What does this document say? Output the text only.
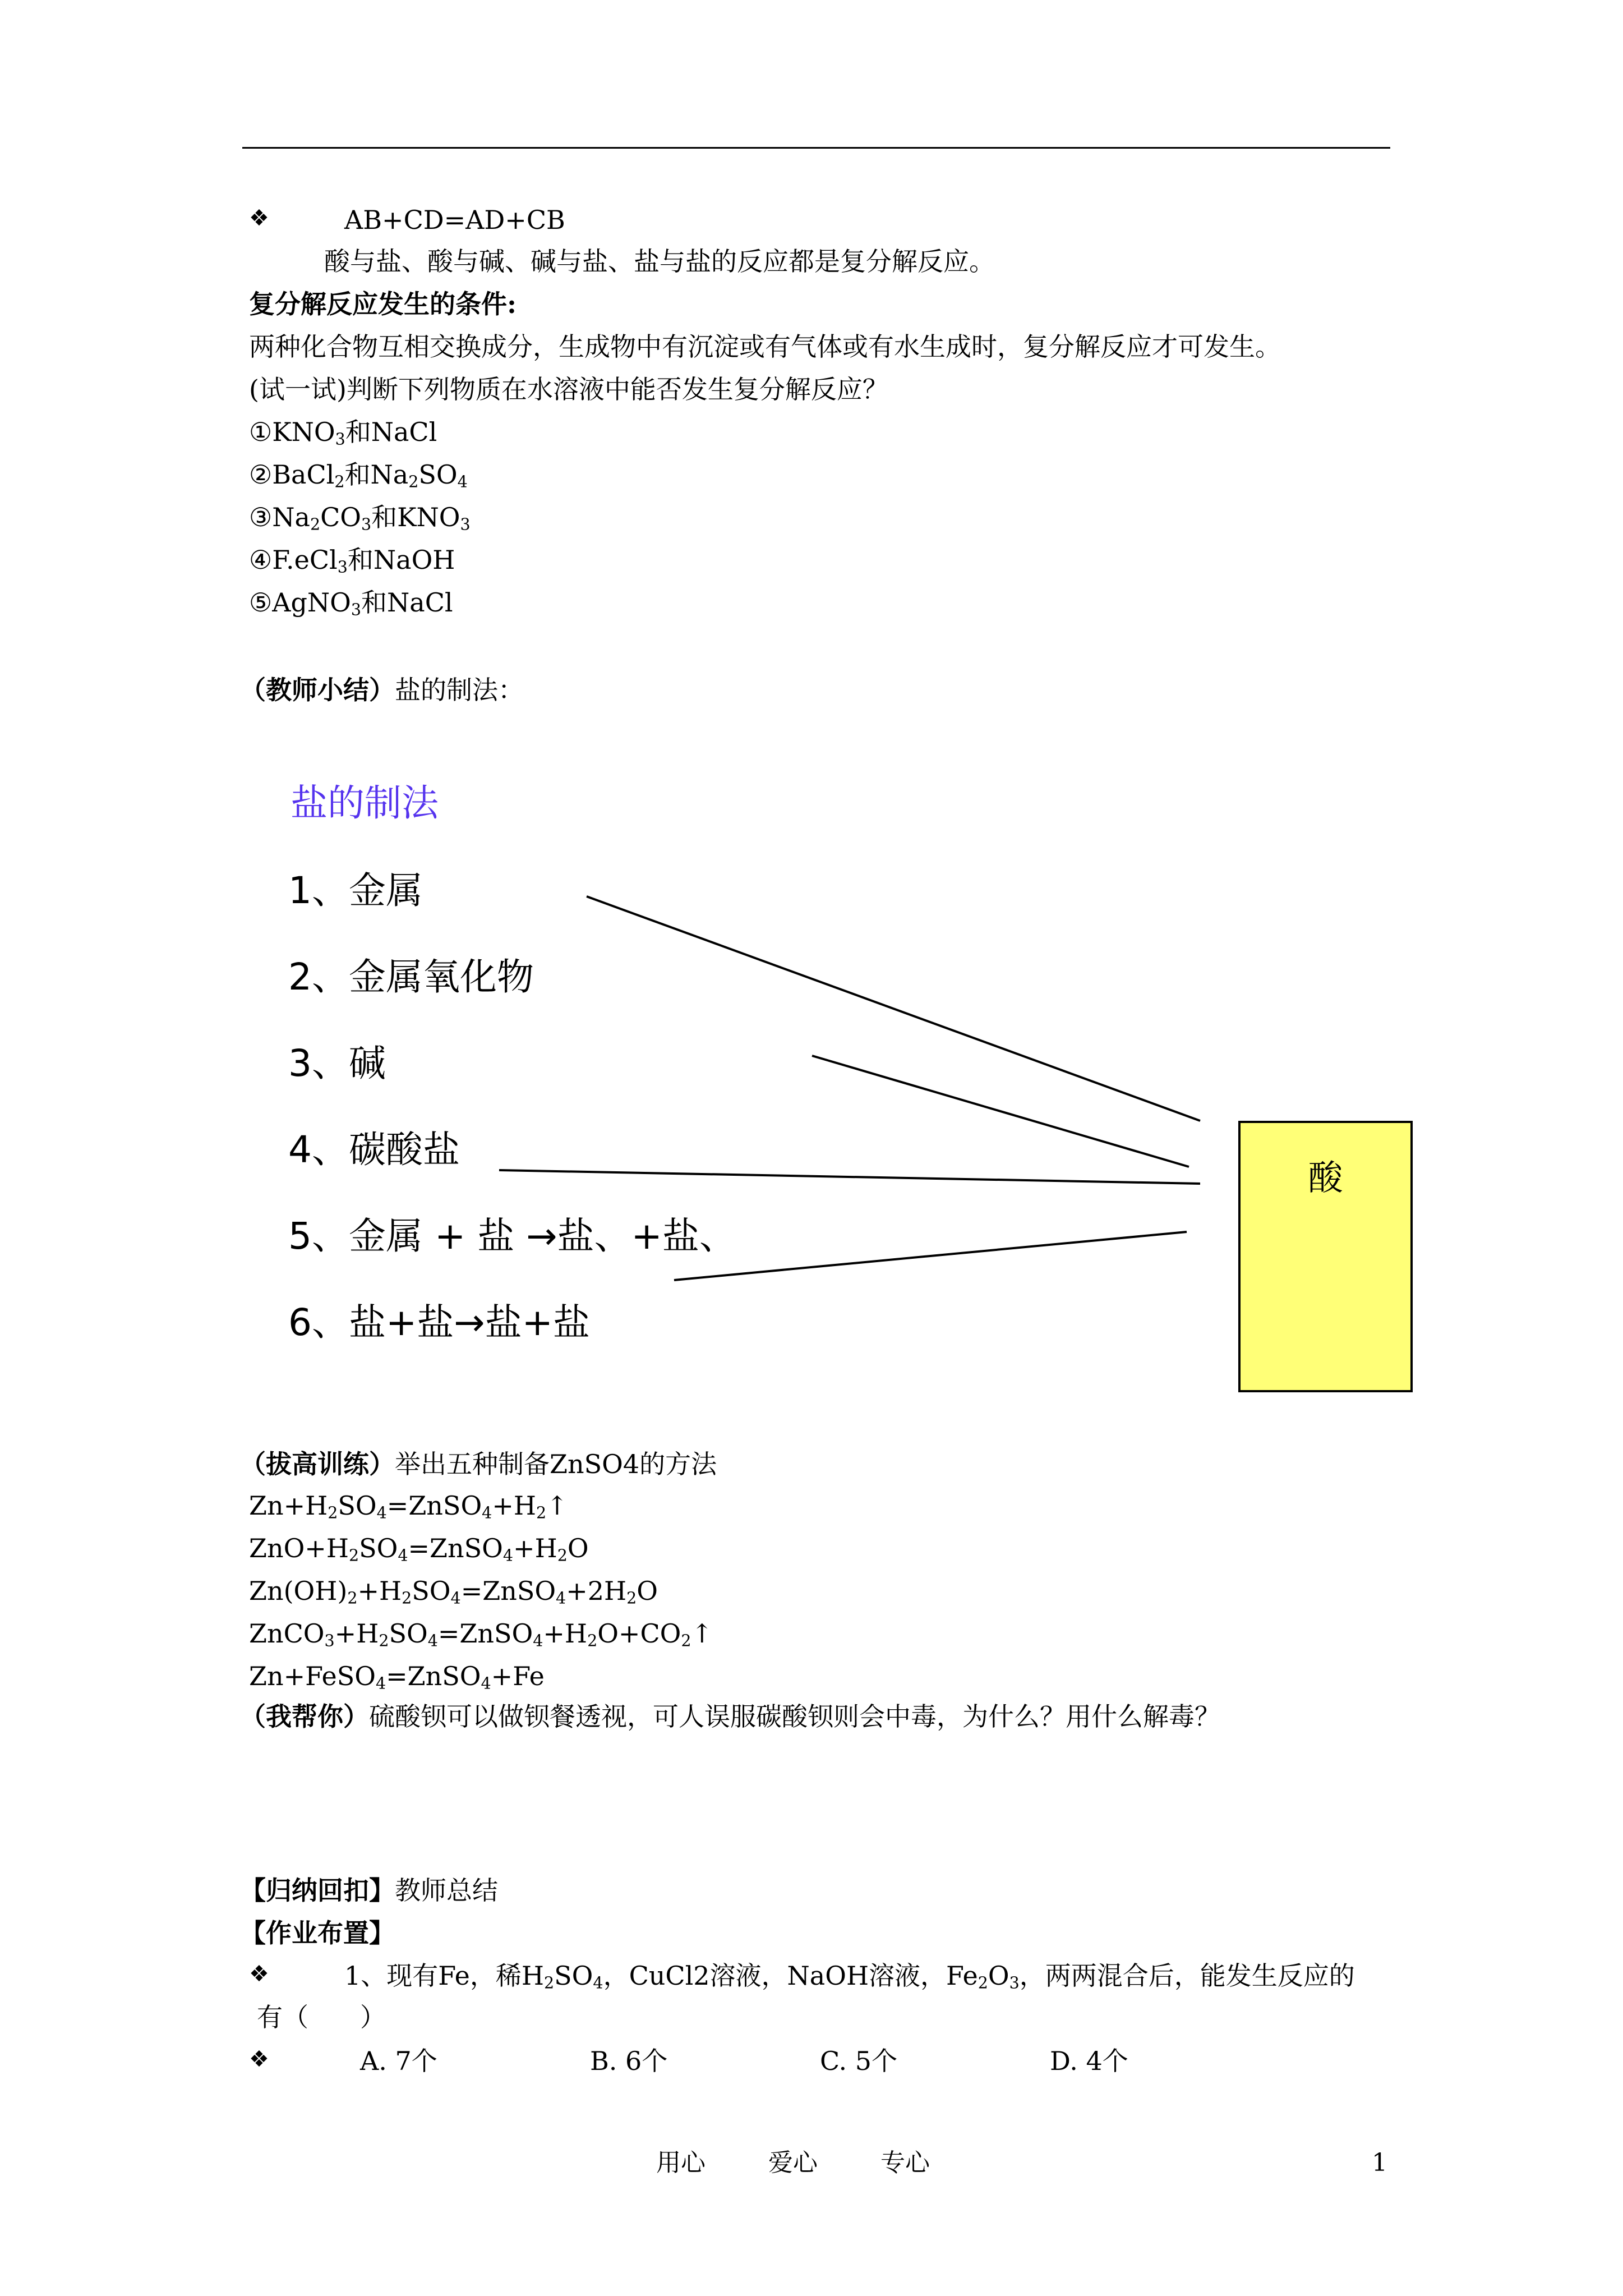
❖	AB+CD=AD+CB
酸与盐、酸与碱、碱与盐、盐与盐的反应都是复分解反应。
复分解反应发生的条件:
两种化合物互相交换成分，生成物中有沉淀或有气体或有水生成时，复分解反应才可发生。
(试一试)判断下列物质在水溶液中能否发生复分解反应？
$①KNO_3$和NaCl
②BaCl$_2$和$Na_2SO_4$
$③Na_2CO_3$和$KNO_3$
④F.eCl$_3$和NaOH
⑤AgNO$_3$和NaCl
（教师小结）盐的制法：
盐的制法
1、金属
2、金属氧化物
3、碱
4、碳酸盐
5、金属 + 盐 →盐、+盐、
6、盐+盐→盐+盐
酸
（拔高训练）举出五种制备ZnSO4的方法
$Zn+H_2SO_4=ZnSO_4+H_2↑$
$ZnO+H_2SO_4=ZnSO_4+H_2O$
$Zn(OH)_2+H_2SO_4=ZnSO_4+2H_2O$
$ZnCO_3+H_2SO_4=ZnSO_4+H_2O+CO_2↑$
Zn+FeSO$_4$=ZnSO$_4$+Fe
（我帮你）硫酸钡可以做钡餐透视，可人误服碳酸钡则会中毒，为什么？用什么解毒？
【归纳回扣】教师总结
【作业布置】
❖	1、现有Fe，稀$H_2SO_4$，CuCl2溶液，NaOH溶液，$Fe_2O_3$，两两混合后，能发生反应的
有（　　）
❖	A. 7个	B. 6个	C. 5个	D. 4个
用心	爱心	专心	1
